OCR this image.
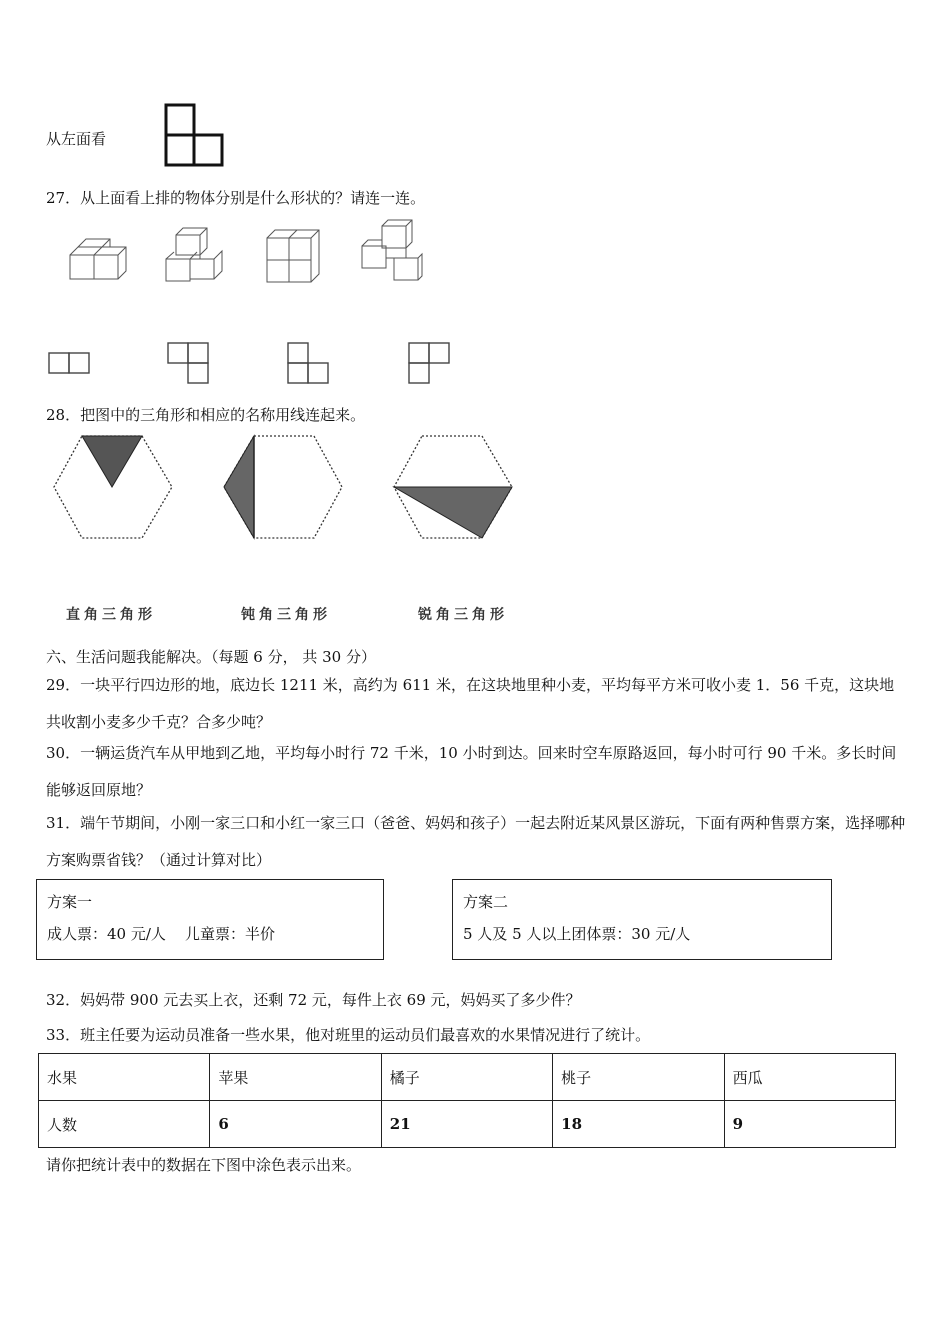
从左面看
27．从上面看上排的物体分别是什么形状的？请连一连。
28．把图中的三角形和相应的名称用线连起来。
直角三角形	钝角三角形	锐角三角形
六、生活问题我能解决。（每题 6 分， 共 30 分）
29．一块平行四边形的地，底边长 1211 米，高约为 611 米，在这块地里种小麦，平均每平方米可收小麦 1．56 千克，这块地共收割小麦多少千克？合多少吨？
30．一辆运货汽车从甲地到乙地，平均每小时行 72 千米，10 小时到达。回来时空车原路返回，每小时可行 90 千米。多长时间能够返回原地？
31．端午节期间，小刚一家三口和小红一家三口（爸爸、妈妈和孩子）一起去附近某风景区游玩，下面有两种售票方案，选择哪种方案购票省钱？（通过计算对比）
方案一
成人票：40 元/人    儿童票：半价
方案二
5 人及 5 人以上团体票：30 元/人
32．妈妈带 900 元去买上衣，还剩 72 元，每件上衣 69 元，妈妈买了多少件？
33．班主任要为运动员准备一些水果，他对班里的运动员们最喜欢的水果情况进行了统计。
水果	苹果	橘子	桃子	西瓜
人数	6	21	18	9
请你把统计表中的数据在下图中涂色表示出来。
